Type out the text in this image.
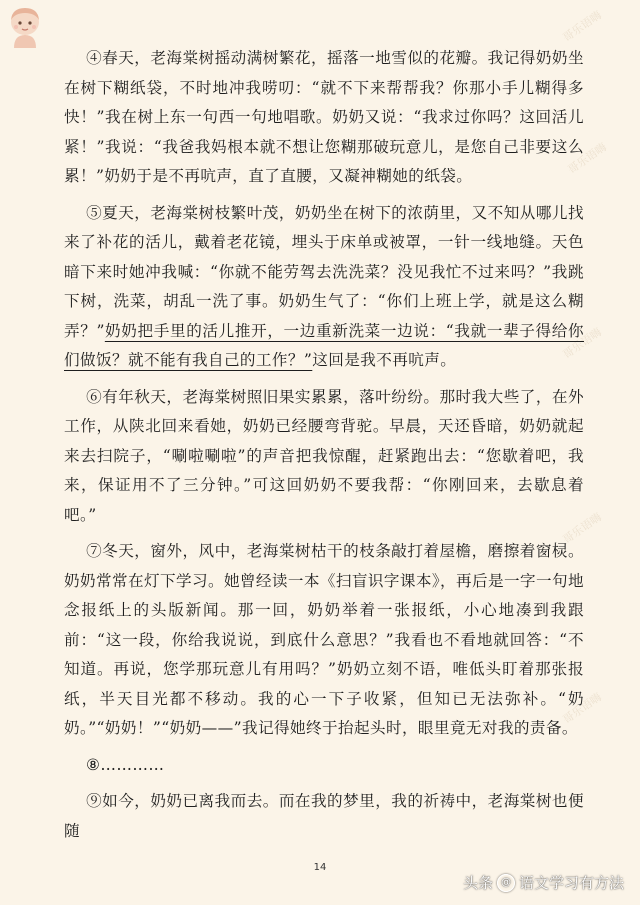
哥乐语嗨
哥乐语嗨
哥乐语嗨
哥乐语嗨
哥乐语嗨

④春天，老海棠树摇动满树繁花，摇落一地雪似的花瓣。我记得奶奶坐在树下糊纸袋，不时地冲我唠叨：“就不下来帮帮我？你那小手儿糊得多快！”我在树上东一句西一句地唱歌。奶奶又说：“我求过你吗？这回活儿紧！”我说：“我爸我妈根本就不想让您糊那破玩意儿，是您自己非要这么累！”奶奶于是不再吭声，直了直腰，又凝神糊她的纸袋。

⑤夏天，老海棠树枝繁叶茂，奶奶坐在树下的浓荫里，又不知从哪儿找来了补花的活儿，戴着老花镜，埋头于床单或被罩，一针一线地缝。天色暗下来时她冲我喊：“你就不能劳驾去洗洗菜？没见我忙不过来吗？”我跳下树，洗菜，胡乱一洗了事。奶奶生气了：“你们上班上学，就是这么糊弄？”奶奶把手里的活儿推开，一边重新洗菜一边说：“我就一辈子得给你们做饭？就不能有我自己的工作？”这回是我不再吭声。

⑥有年秋天，老海棠树照旧果实累累，落叶纷纷。那时我大些了，在外工作，从陕北回来看她，奶奶已经腰弯背驼。早晨，天还昏暗，奶奶就起来去扫院子，“唰啦唰啦”的声音把我惊醒，赶紧跑出去：“您歇着吧，我来，保证用不了三分钟。”可这回奶奶不要我帮：“你刚回来，去歇息着吧。”

⑦冬天，窗外，风中，老海棠树枯干的枝条敲打着屋檐，磨擦着窗棂。奶奶常常在灯下学习。她曾经读一本《扫盲识字课本》，再后是一字一句地念报纸上的头版新闻。那一回，奶奶举着一张报纸，小心地凑到我跟前：“这一段，你给我说说，到底什么意思？”我看也不看地就回答：“不知道。再说，您学那玩意儿有用吗？”奶奶立刻不语，唯低头盯着那张报纸，半天目光都不移动。我的心一下子收紧，但知已无法弥补。“奶奶。”“奶奶！”“奶奶——”我记得她终于抬起头时，眼里竟无对我的责备。

⑧…………

⑨如今，奶奶已离我而去。而在我的梦里，我的祈祷中，老海棠树也便随

14
头条 @ 语文学习有方法
